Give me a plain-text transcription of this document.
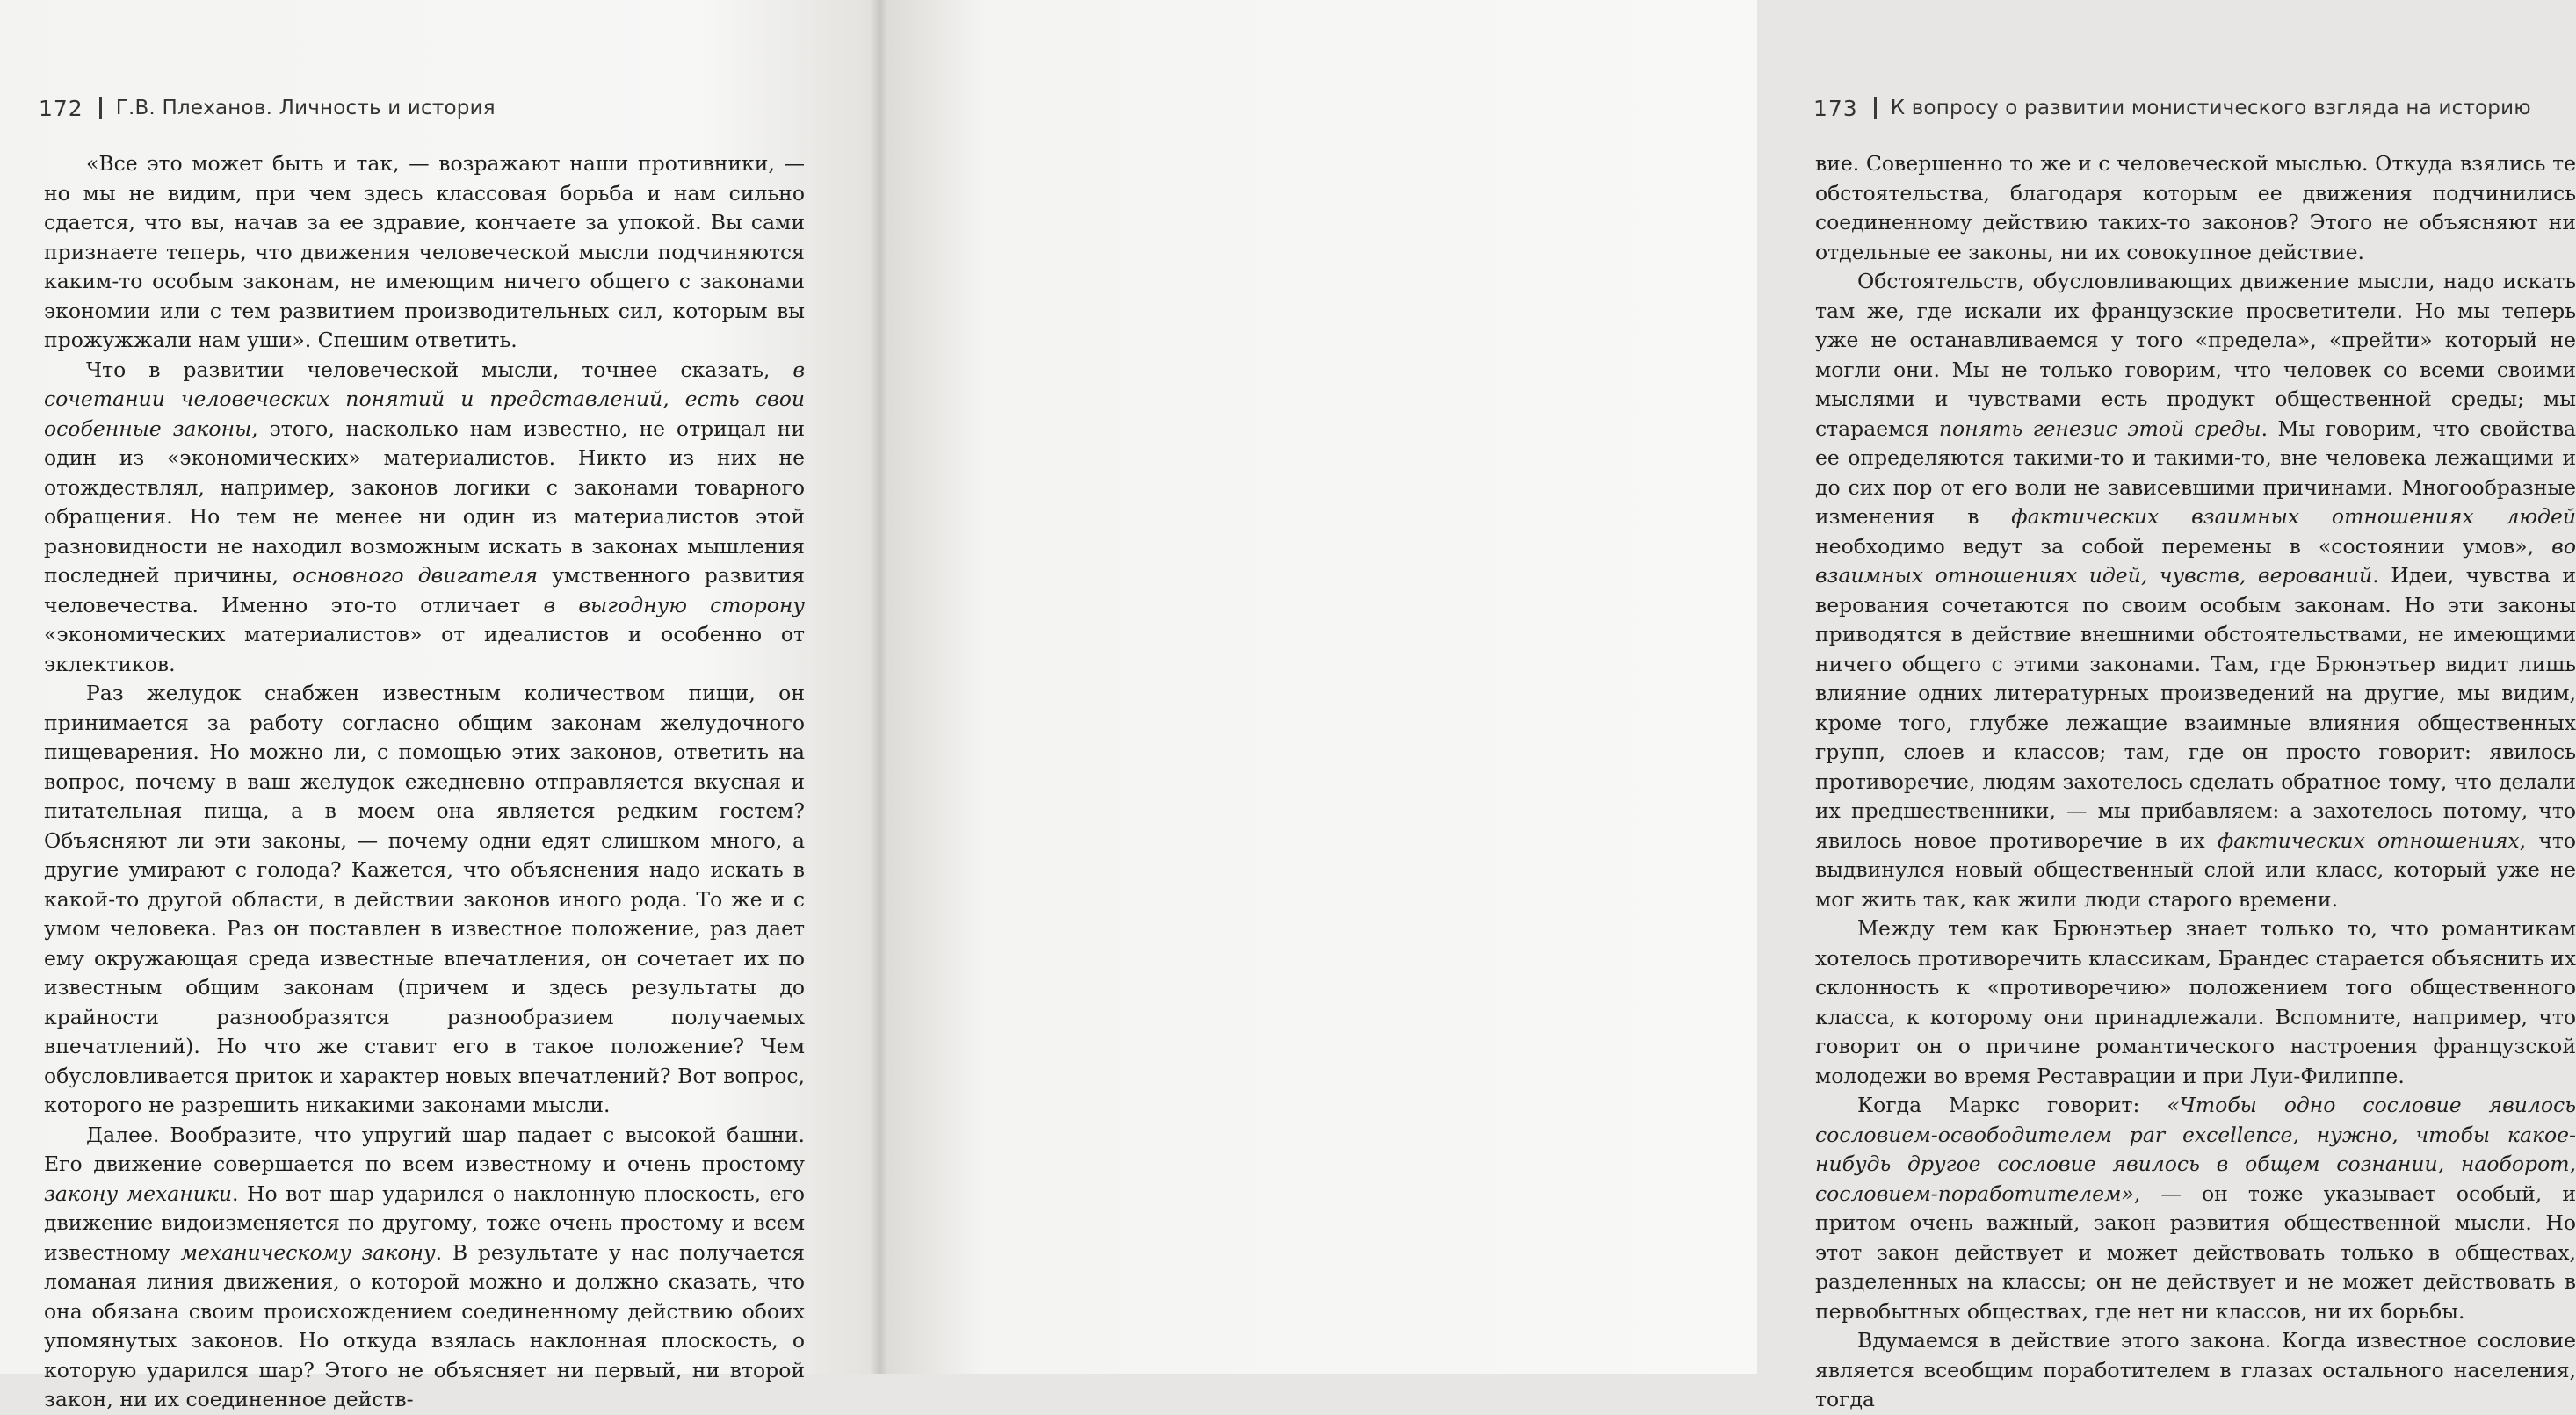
172 Г.В. Плеханов. Личность и история

«Все это может быть и так, — возражают наши противники, — но мы не видим, при чем здесь классовая борьба и нам сильно сдается, что вы, начав за ее здравие, кончаете за упокой. Вы сами признаете теперь, что движения человеческой мысли подчиняются каким-то особым законам, не имеющим ничего общего с законами экономии или с тем развитием производительных сил, которым вы прожужжали нам уши». Спешим ответить.

Что в развитии человеческой мысли, точнее сказать, в сочетании человеческих понятий и представлений, есть свои особенные законы, этого, насколько нам известно, не отрицал ни один из «экономических» материалистов. Никто из них не отождествлял, например, законов логики с законами товарного обращения. Но тем не менее ни один из материалистов этой разновидности не находил возможным искать в законах мышления последней причины, основного двигателя умственного развития человечества. Именно это-то отличает в выгодную сторону «экономических материалистов» от идеалистов и особенно от эклектиков.

Раз желудок снабжен известным количеством пищи, он принимается за работу согласно общим законам желудочного пищеварения. Но можно ли, с помощью этих законов, ответить на вопрос, почему в ваш желудок ежедневно отправляется вкусная и питательная пища, а в моем она является редким гостем? Объясняют ли эти законы, — почему одни едят слишком много, а другие умирают с голода? Кажется, что объяснения надо искать в какой-то другой области, в действии законов иного рода. То же и с умом человека. Раз он поставлен в известное положение, раз дает ему окружающая среда известные впечатления, он сочетает их по известным общим законам (причем и здесь результаты до крайности разнообразятся разнообразием получаемых впечатлений). Но что же ставит его в такое положение? Чем обусловливается приток и характер новых впечатлений? Вот вопрос, которого не разрешить никакими законами мысли.

Далее. Вообразите, что упругий шар падает с высокой башни. Его движение совершается по всем известному и очень простому закону механики. Но вот шар ударился о наклонную плоскость, его движение видоизменяется по другому, тоже очень простому и всем известному механическому закону. В результате у нас получается ломаная линия движения, о которой можно и должно сказать, что она обязана своим происхождением соединенному действию обоих упомянутых законов. Но откуда взялась наклонная плоскость, о которую ударился шар? Этого не объясняет ни первый, ни второй закон, ни их соединенное действ-

173 К вопросу о развитии монистического взгляда на историю

вие. Совершенно то же и с человеческой мыслью. Откуда взялись те обстоятельства, благодаря которым ее движения подчинились соединенному действию таких-то законов? Этого не объясняют ни отдельные ее законы, ни их совокупное действие.

Обстоятельств, обусловливающих движение мысли, надо искать там же, где искали их французские просветители. Но мы теперь уже не останавливаемся у того «предела», «прейти» который не могли они. Мы не только говорим, что человек со всеми своими мыслями и чувствами есть продукт общественной среды; мы стараемся понять генезис этой среды. Мы говорим, что свойства ее определяются такими-то и такими-то, вне человека лежащими и до сих пор от его воли не зависевшими причинами. Многообразные изменения в фактических взаимных отношениях людей необходимо ведут за собой перемены в «состоянии умов», во взаимных отношениях идей, чувств, верований. Идеи, чувства и верования сочетаются по своим особым законам. Но эти законы приводятся в действие внешними обстоятельствами, не имеющими ничего общего с этими законами. Там, где Брюнэтьер видит лишь влияние одних литературных произведений на другие, мы видим, кроме того, глубже лежащие взаимные влияния общественных групп, слоев и классов; там, где он просто говорит: явилось противоречие, людям захотелось сделать обратное тому, что делали их предшественники, — мы прибавляем: а захотелось потому, что явилось новое противоречие в их фактических отношениях, что выдвинулся новый общественный слой или класс, который уже не мог жить так, как жили люди старого времени.

Между тем как Брюнэтьер знает только то, что романтикам хотелось противоречить классикам, Брандес старается объяснить их склонность к «противоречию» положением того общественного класса, к которому они принадлежали. Вспомните, например, что говорит он о причине романтического настроения французской молодежи во время Реставрации и при Луи-Филиппе.

Когда Маркс говорит: «Чтобы одно сословие явилось сословием-освободителем par excellence, нужно, чтобы какое-нибудь другое сословие явилось в общем сознании, наоборот, сословием-поработителем», — он тоже указывает особый, и притом очень важный, закон развития общественной мысли. Но этот закон действует и может действовать только в обществах, разделенных на классы; он не действует и не может действовать в первобытных обществах, где нет ни классов, ни их борьбы.

Вдумаемся в действие этого закона. Когда известное сословие является всеобщим поработителем в глазах остального населения, тогда
